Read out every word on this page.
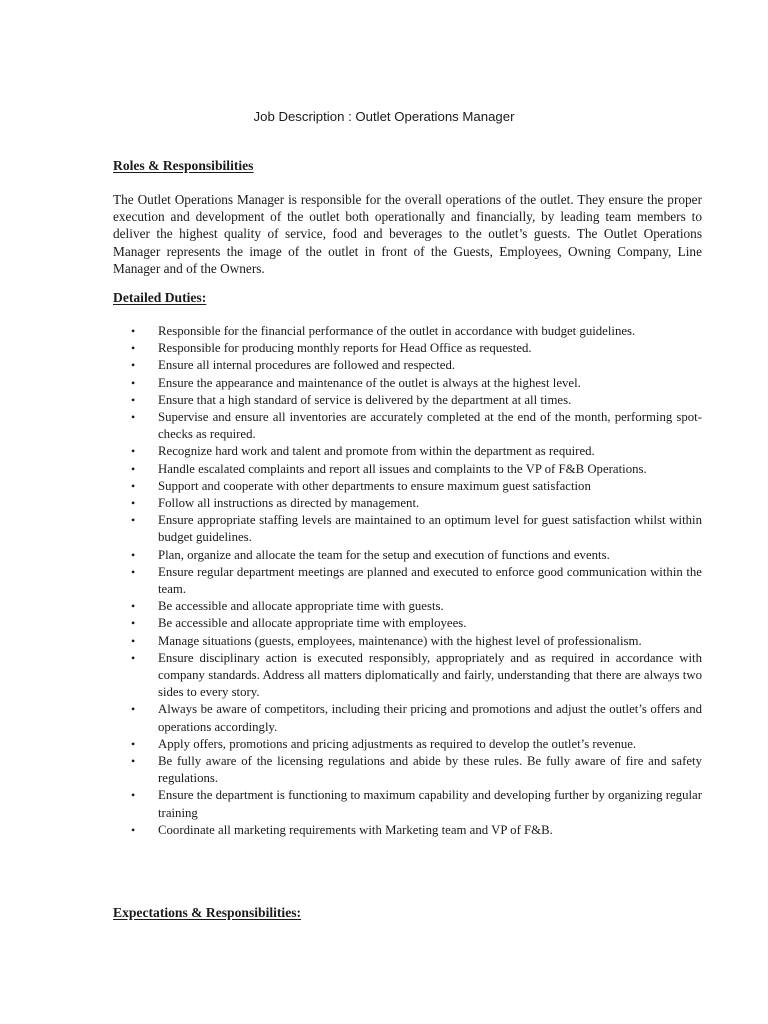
Job Description : Outlet Operations Manager
Roles & Responsibilities

The Outlet Operations Manager is responsible for the overall operations of the outlet. They ensure the proper execution and development of the outlet both operationally and financially, by leading team members to deliver the highest quality of service, food and beverages to the outlet’s guests. The Outlet Operations Manager represents the image of the outlet in front of the Guests, Employees, Owning Company, Line Manager and of the Owners.

Detailed Duties:
• Responsible for the financial performance of the outlet in accordance with budget guidelines.
• Responsible for producing monthly reports for Head Office as requested.
• Ensure all internal procedures are followed and respected.
• Ensure the appearance and maintenance of the outlet is always at the highest level.
• Ensure that a high standard of service is delivered by the department at all times.
• Supervise and ensure all inventories are accurately completed at the end of the month, performing spot-checks as required.
• Recognize hard work and talent and promote from within the department as required.
• Handle escalated complaints and report all issues and complaints to the VP of F&B Operations.
• Support and cooperate with other departments to ensure maximum guest satisfaction
• Follow all instructions as directed by management.
• Ensure appropriate staffing levels are maintained to an optimum level for guest satisfaction whilst within budget guidelines.
• Plan, organize and allocate the team for the setup and execution of functions and events.
• Ensure regular department meetings are planned and executed to enforce good communication within the team.
• Be accessible and allocate appropriate time with guests.
• Be accessible and allocate appropriate time with employees.
• Manage situations (guests, employees, maintenance) with the highest level of professionalism.
• Ensure disciplinary action is executed responsibly, appropriately and as required in accordance with company standards. Address all matters diplomatically and fairly, understanding that there are always two sides to every story.
• Always be aware of competitors, including their pricing and promotions and adjust the outlet’s offers and operations accordingly.
• Apply offers, promotions and pricing adjustments as required to develop the outlet’s revenue.
• Be fully aware of the licensing regulations and abide by these rules. Be fully aware of fire and safety regulations.
• Ensure the department is functioning to maximum capability and developing further by organizing regular training
• Coordinate all marketing requirements with Marketing team and VP of F&B.
Expectations & Responsibilities:
